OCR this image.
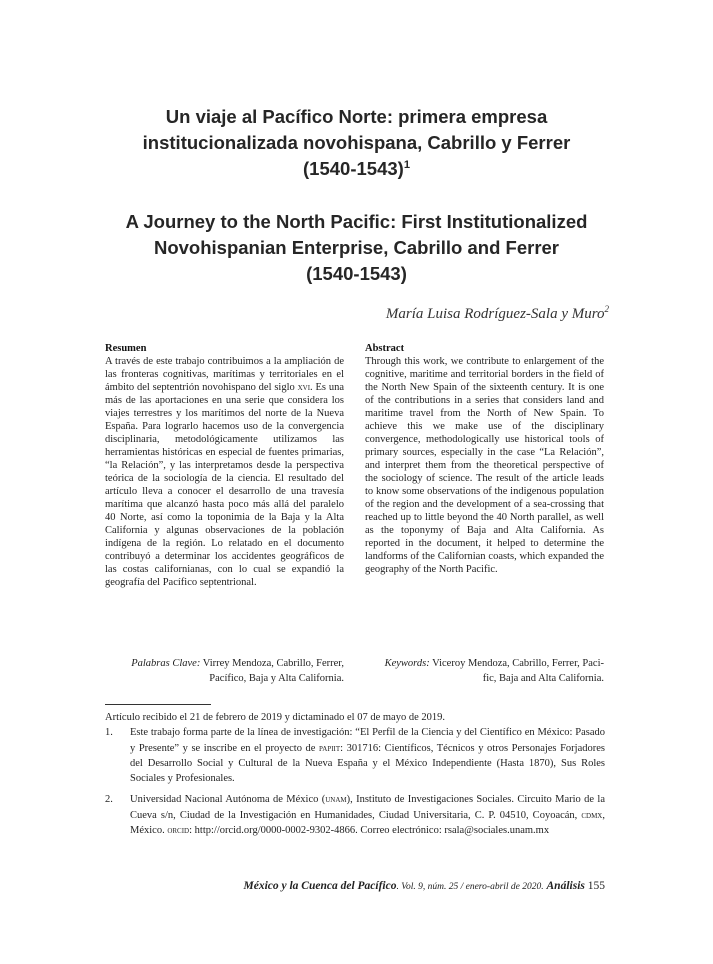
Un viaje al Pacífico Norte: primera empresa
institucionalizada novohispana, Cabrillo y Ferrer
(1540-1543)$^1$
A Journey to the North Pacific: First Institutionalized
Novohispanian Enterprise, Cabrillo and Ferrer
(1540-1543)
María Luisa Rodríguez-Sala y Muro$^2$
Resumen

A través de este trabajo contribuimos a la ampliación de las fronteras cognitivas, marítimas y territoriales en el ámbito del septentrión novohispano del siglo xvi. Es una más de las aportaciones en una serie que considera los viajes terrestres y los marítimos del norte de la Nueva España. Para lograrlo hacemos uso de la convergencia disciplinaria, metodológicamente utilizamos las herramientas históricas en especial de fuentes primarias, “la Relación”, y las interpretamos desde la perspectiva teórica de la sociología de la ciencia. El resultado del artículo lleva a conocer el desarrollo de una travesía marítima que alcanzó hasta poco más allá del paralelo 40 Norte, así como la toponimia de la Baja y la Alta California y algunas observaciones de la población indígena de la región. Lo relatado en el documento contribuyó a determinar los accidentes geográficos de las costas californianas, con lo cual se expandió la geografía del Pacífico septentrional.

Abstract

Through this work, we contribute to enlargement of the cognitive, maritime and territorial borders in the field of the North New Spain of the sixteenth century. It is one of the contributions in a series that considers land and maritime travel from the North of New Spain. To achieve this we make use of the disciplinary convergence, methodologically use historical tools of primary sources, especially in the case “La Relación”, and interpret them from the theoretical perspective of the sociology of science. The result of the article leads to know some observations of the indigenous population of the region and the development of a sea-crossing that reached up to little beyond the 40 North parallel, as well as the toponymy of Baja and Alta California. As reported in the document, it helped to determine the landforms of the Californian coasts, which expanded the geography of the North Pacific.

Palabras Clave: Virrey Mendoza, Cabrillo, Ferrer,
Pacífico, Baja y Alta California.
Keywords: Viceroy Mendoza, Cabrillo, Ferrer, Paci-
fic, Baja and Alta California.

Artículo recibido el 21 de febrero de 2019 y dictaminado el 07 de mayo de 2019.

1.	Este trabajo forma parte de la línea de investigación: “El Perfil de la Ciencia y del Científico en México: Pasado y Presente” y se inscribe en el proyecto de papiit: 301716: Científicos, Técnicos y otros Personajes Forjadores del Desarrollo Social y Cultural de la Nueva España y el México Independiente (Hasta 1870), Sus Roles Sociales y Profesionales.
2.	Universidad Nacional Autónoma de México (unam), Instituto de Investigaciones Sociales. Circuito Mario de la Cueva s/n, Ciudad de la Investigación en Humanidades, Ciudad Universitaria, C. P. 04510, Coyoacán, cdmx, México. orcid: http://orcid.org/0000-0002-9302-4866. Correo electrónico: rsala@sociales.unam.mx
México y la Cuenca del Pacífico. Vol. 9, núm. 25 / enero-abril de 2020. Análisis 155
